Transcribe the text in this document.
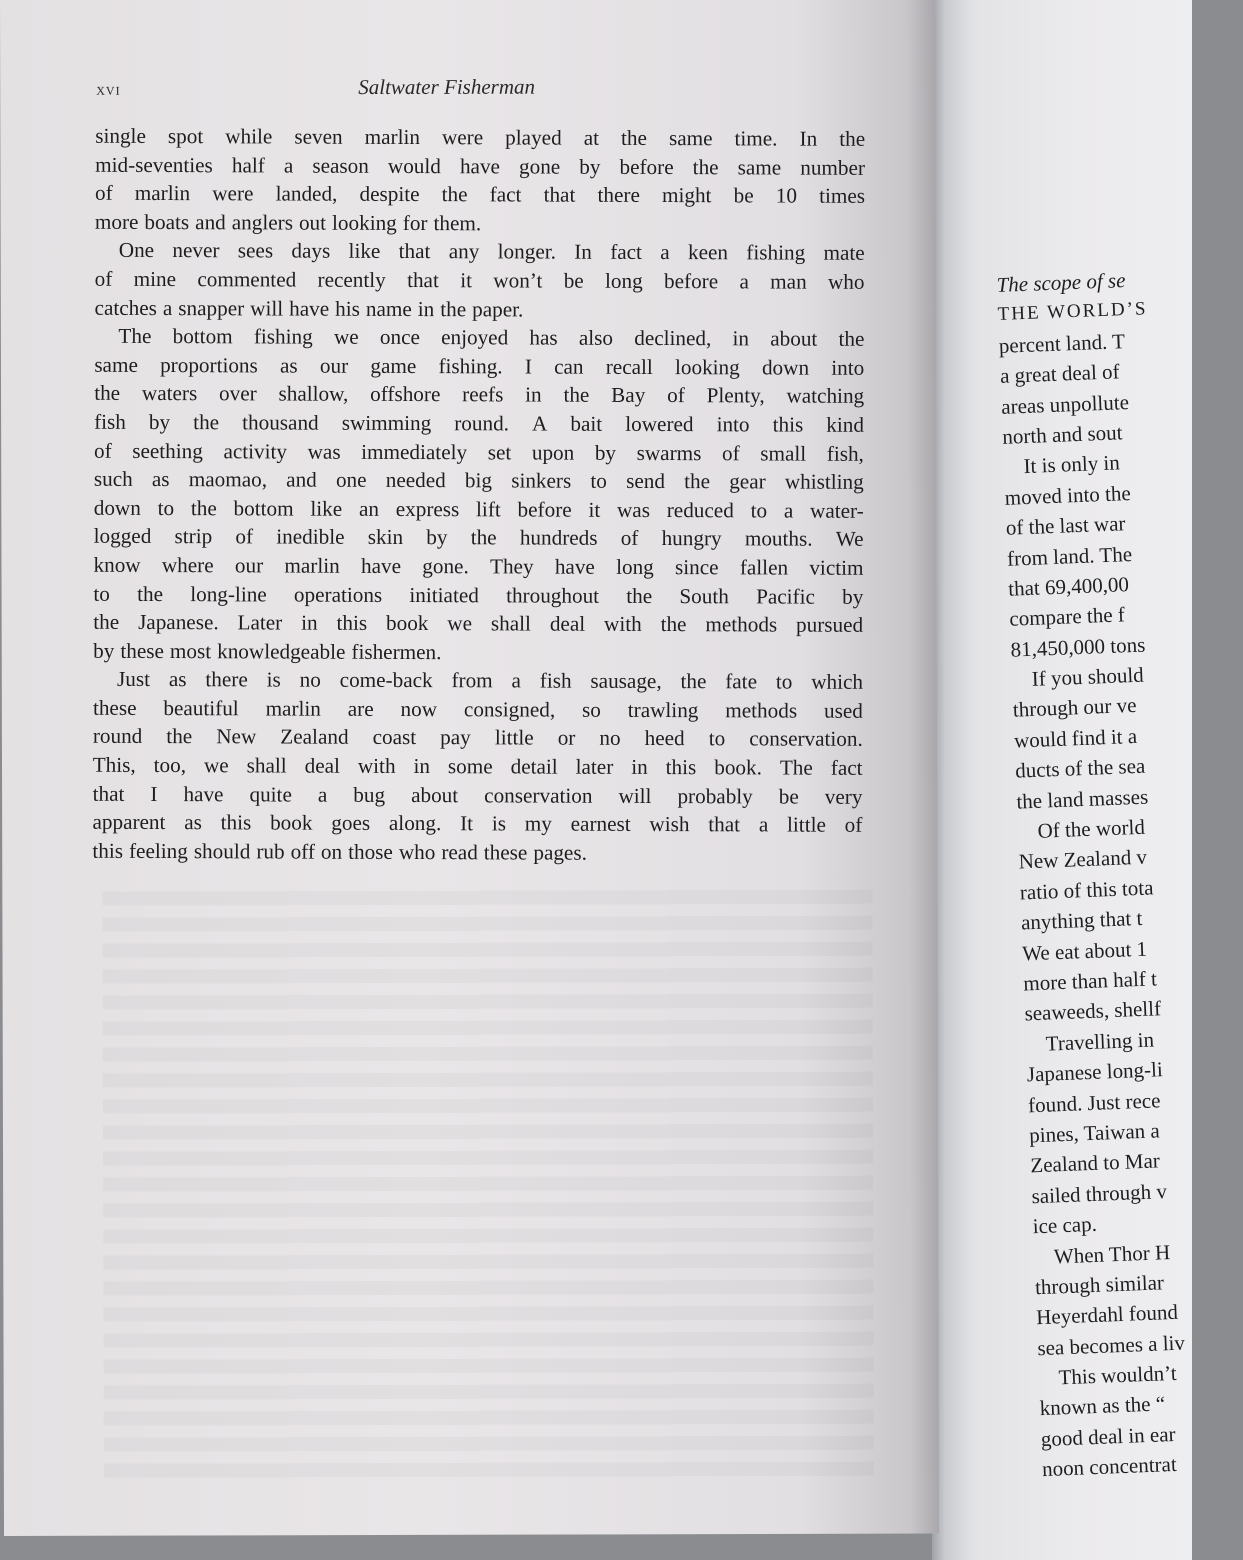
xvi	Saltwater Fisherman
single spot while seven marlin were played at the same time. In the
mid-seventies half a season would have gone by before the same number
of marlin were landed, despite the fact that there might be 10 times
more boats and anglers out looking for them.
One never sees days like that any longer. In fact a keen fishing mate
of mine commented recently that it won’t be long before a man who
catches a snapper will have his name in the paper.
The bottom fishing we once enjoyed has also declined, in about the
same proportions as our game fishing. I can recall looking down into
the waters over shallow, offshore reefs in the Bay of Plenty, watching
fish by the thousand swimming round. A bait lowered into this kind
of seething activity was immediately set upon by swarms of small fish,
such as maomao, and one needed big sinkers to send the gear whistling
down to the bottom like an express lift before it was reduced to a water-
logged strip of inedible skin by the hundreds of hungry mouths. We
know where our marlin have gone. They have long since fallen victim
to the long-line operations initiated throughout the South Pacific by
the Japanese. Later in this book we shall deal with the methods pursued
by these most knowledgeable fishermen.
Just as there is no come-back from a fish sausage, the fate to which
these beautiful marlin are now consigned, so trawling methods used
round the New Zealand coast pay little or no heed to conservation.
This, too, we shall deal with in some detail later in this book. The fact
that I have quite a bug about conservation will probably be very
apparent as this book goes along. It is my earnest wish that a little of
this feeling should rub off on those who read these pages.
The scope of se
THE WORLD’S
percent land. T
a great deal of
areas unpollute
north and sout
It is only in
moved into the
of the last war
from land. The
that 69,400,00
compare the f
81,450,000 tons
If you should
through our ve
would find it a
ducts of the sea
the land masses
Of the world
New Zealand v
ratio of this tota
anything that t
We eat about 1
more than half t
seaweeds, shellf
Travelling in
Japanese long-li
found. Just rece
pines, Taiwan a
Zealand to Mar
sailed through v
ice cap.
When Thor H
through similar
Heyerdahl found
sea becomes a liv
This wouldn’t
known as the “
good deal in ear
noon concentrat
